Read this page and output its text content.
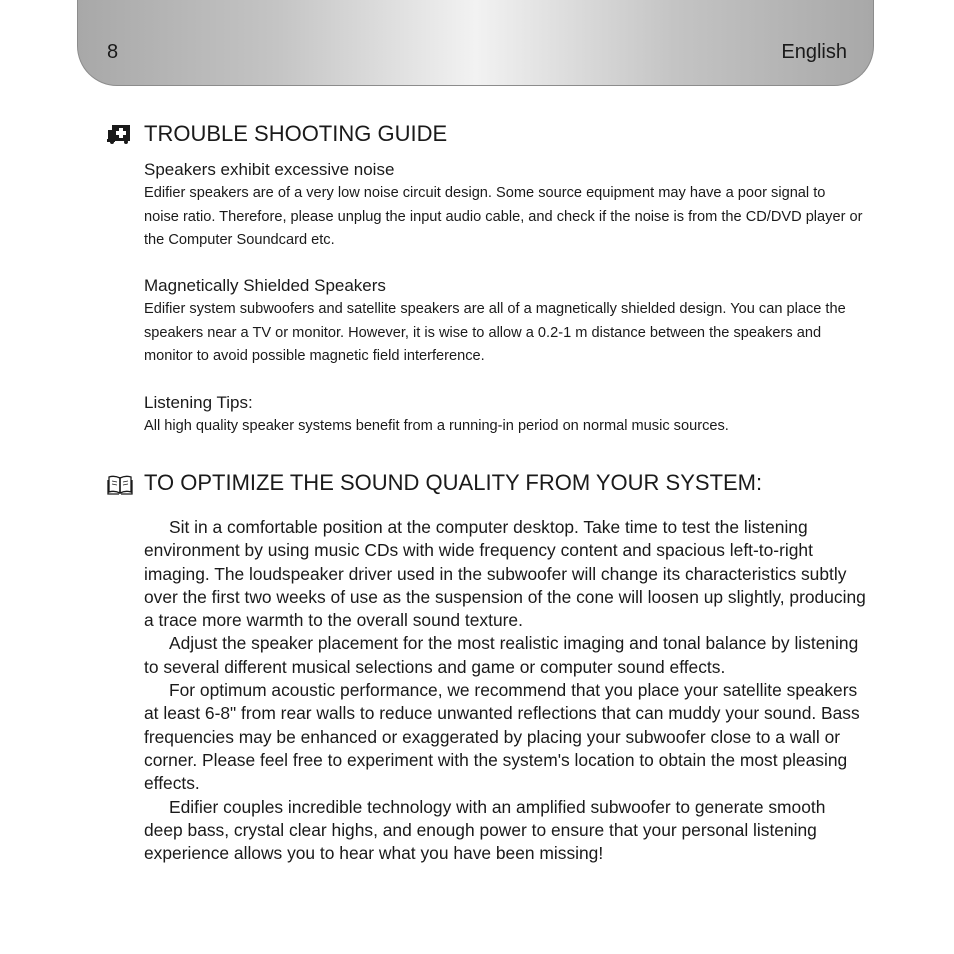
8	English
TROUBLE SHOOTING GUIDE
Speakers exhibit excessive noise
Edifier speakers are of a very low noise circuit design. Some source equipment may have a poor signal to noise ratio. Therefore, please unplug the input audio cable, and check if the noise is from the CD/DVD player or the Computer Soundcard etc.
Magnetically Shielded Speakers
Edifier system subwoofers and satellite speakers are all of a magnetically shielded design. You can place the speakers near a TV or monitor. However, it is wise to allow a 0.2-1 m distance between the speakers and monitor to avoid possible magnetic field interference.
Listening Tips:
All high quality speaker systems benefit from a running-in period on normal music sources.
TO OPTIMIZE THE SOUND QUALITY FROM YOUR SYSTEM:

Sit in a comfortable position at the computer desktop. Take time to test the listening environment by using music CDs with wide frequency content and spacious left-to-right imaging. The loudspeaker driver used in the subwoofer will change its characteristics subtly over the first two weeks of use as the suspension of the cone will loosen up slightly, producing a trace more warmth to the overall sound texture.

Adjust the speaker placement for the most realistic imaging and tonal balance by listening to several different musical selections and game or computer sound effects.

For optimum acoustic performance, we recommend that you place your satellite speakers at least 6-8" from rear walls to reduce unwanted reflections that can muddy your sound. Bass frequencies may be enhanced or exaggerated by placing your subwoofer close to a wall or corner. Please feel free to experiment with the system's location to obtain the most pleasing effects.

Edifier couples incredible technology with an amplified subwoofer to generate smooth deep bass, crystal clear highs, and enough power to ensure that your personal listening experience allows you to hear what you have been missing!
